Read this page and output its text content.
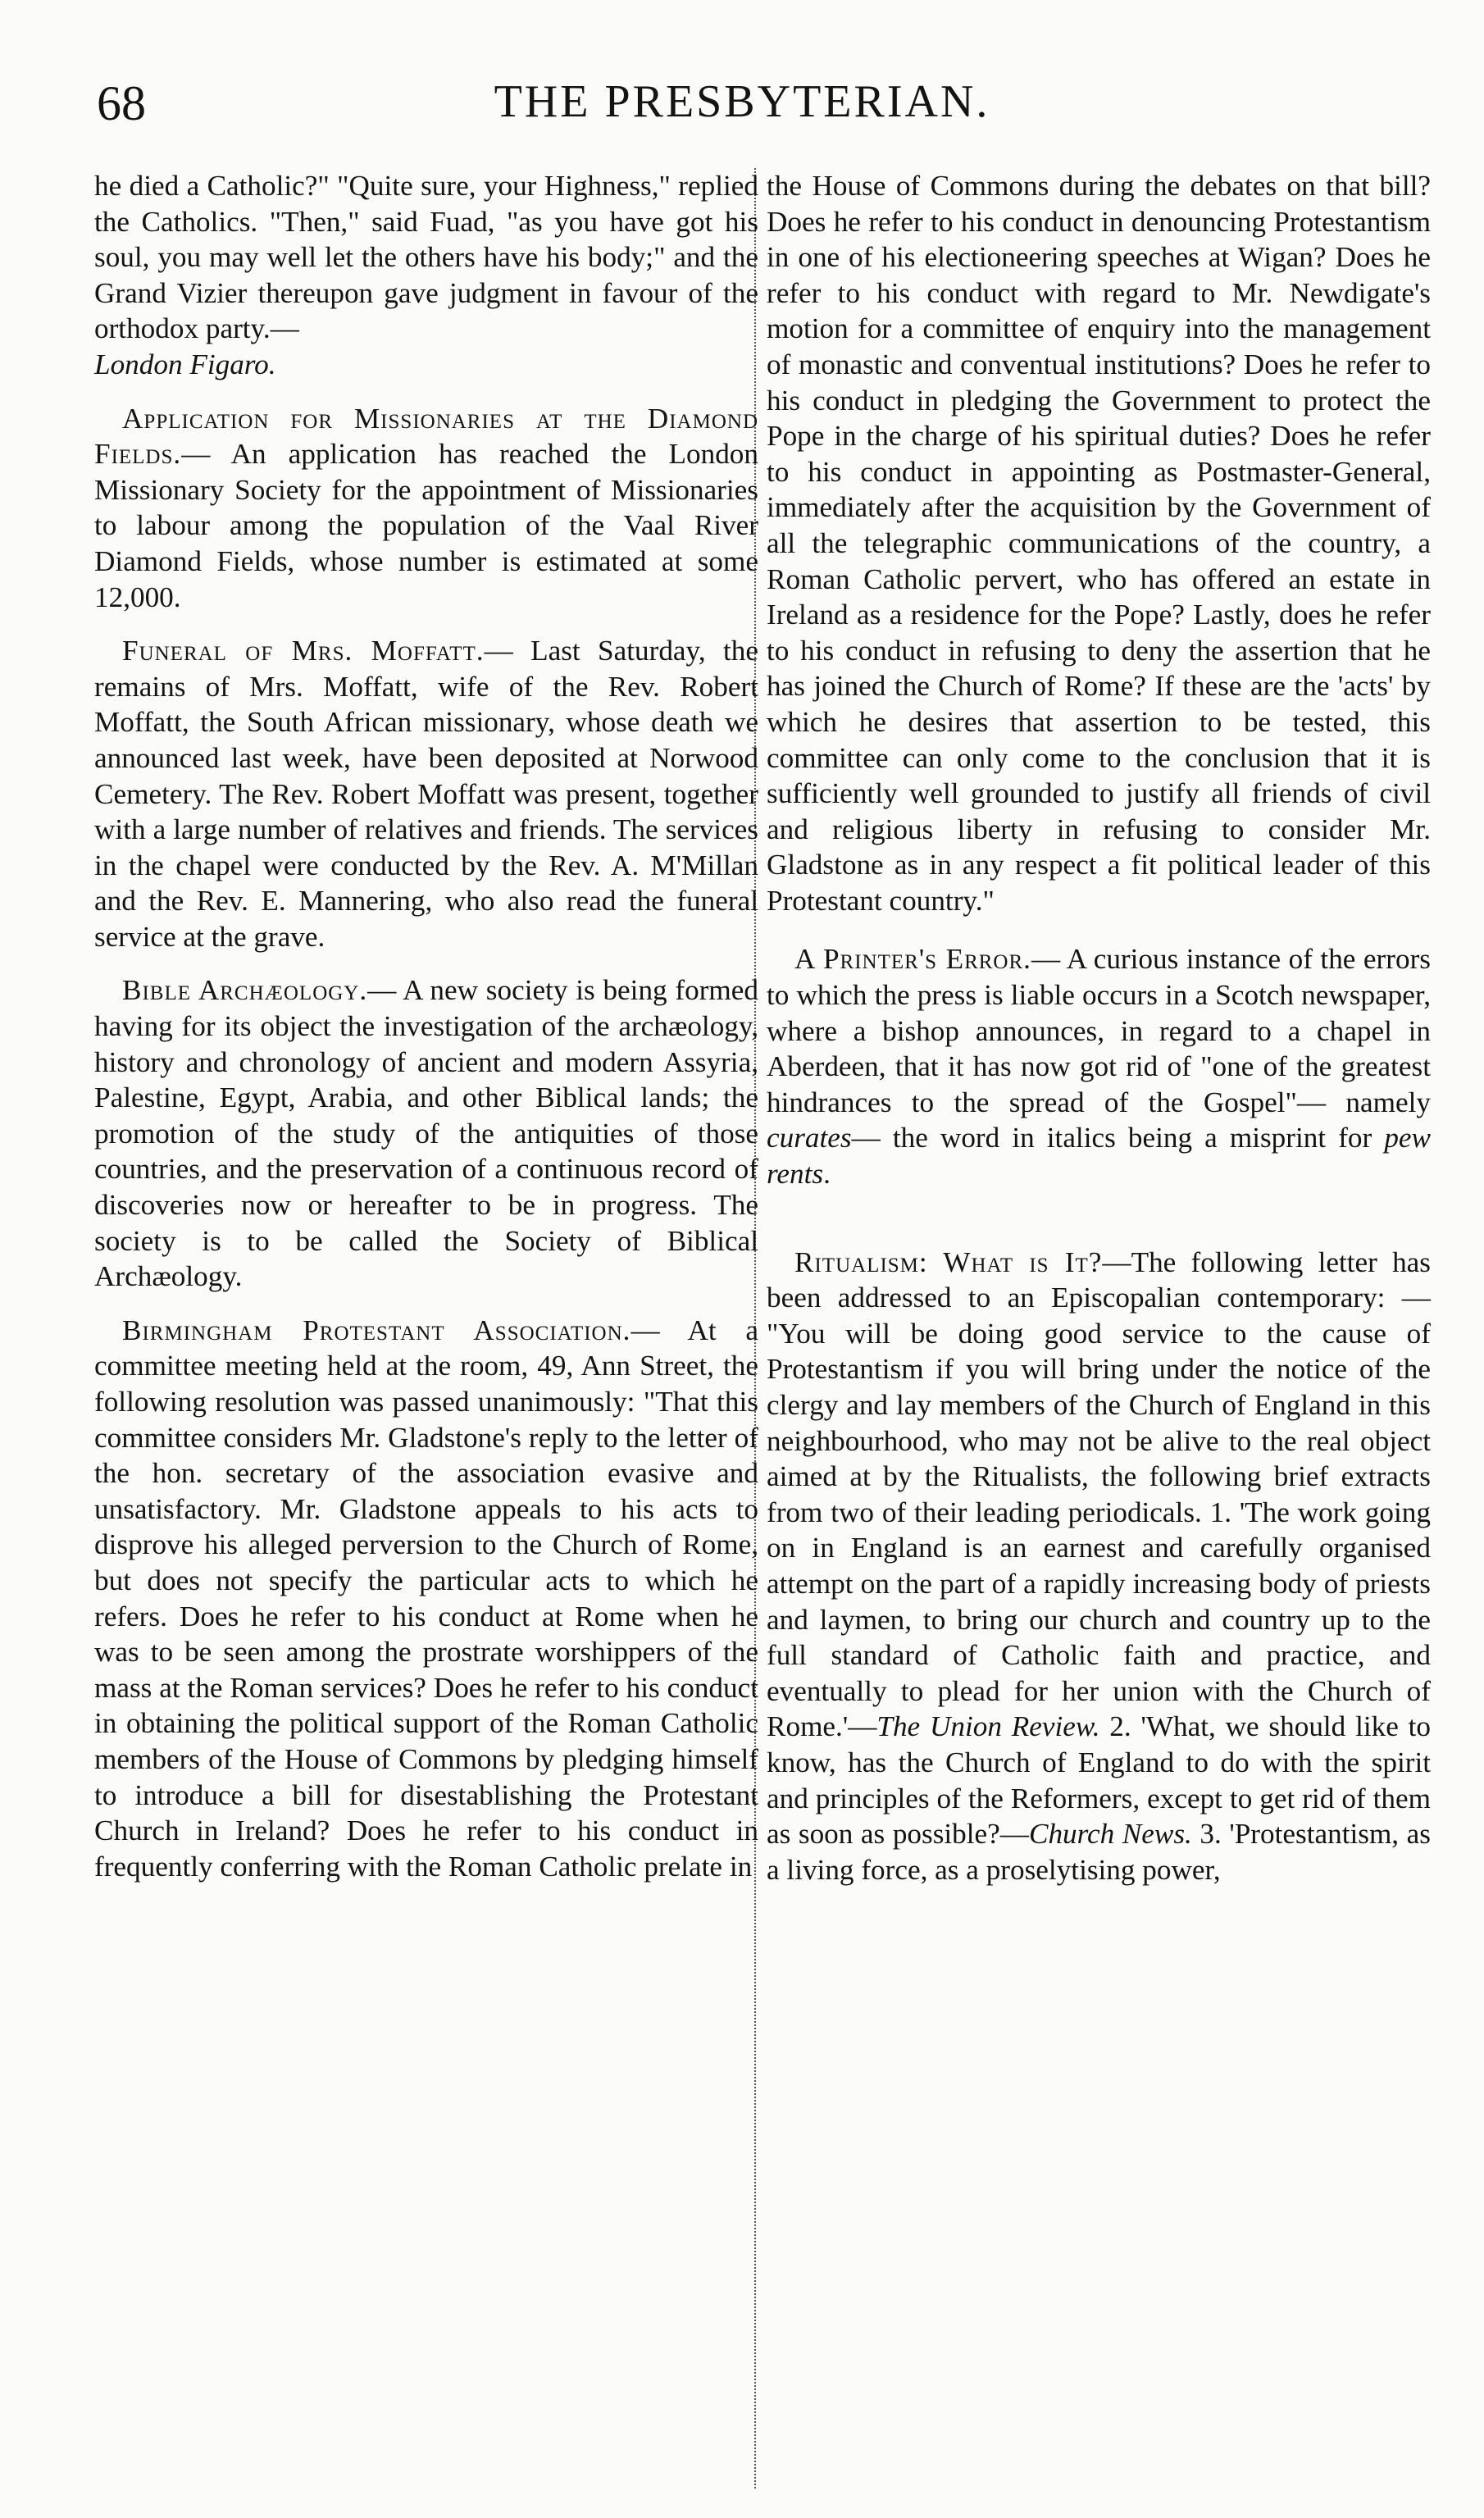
68	THE PRESBYTERIAN.

he died a Catholic?" "Quite sure, your Highness," replied the Catholics. "Then," said Fuad, "as you have got his soul, you may well let the others have his body;" and the Grand Vizier thereupon gave judgment in favour of the orthodox party.—
London Figaro.

Application for Missionaries at the Diamond Fields.— An application has reached the London Missionary Society for the appointment of Missionaries to labour among the population of the Vaal River Diamond Fields, whose number is estimated at some 12,000.

Funeral of Mrs. Moffatt.— Last Saturday, the remains of Mrs. Moffatt, wife of the Rev. Robert Moffatt, the South African missionary, whose death we announced last week, have been deposited at Norwood Cemetery. The Rev. Robert Moffatt was present, together with a large number of relatives and friends. The services in the chapel were conducted by the Rev. A. M'Millan and the Rev. E. Mannering, who also read the funeral service at the grave.

Bible Archæology.— A new society is being formed having for its object the investigation of the archæology, history and chronology of ancient and modern Assyria, Palestine, Egypt, Arabia, and other Biblical lands; the promotion of the study of the antiquities of those countries, and the preservation of a continuous record of discoveries now or hereafter to be in progress. The society is to be called the Society of Biblical Archæology.

Birmingham Protestant Association.— At a committee meeting held at the room, 49, Ann Street, the following resolution was passed unanimously: "That this committee considers Mr. Gladstone's reply to the letter of the hon. secretary of the association evasive and unsatisfactory. Mr. Gladstone appeals to his acts to disprove his alleged perversion to the Church of Rome, but does not specify the particular acts to which he refers. Does he refer to his conduct at Rome when he was to be seen among the prostrate worshippers of the mass at the Roman services? Does he refer to his conduct in obtaining the political support of the Roman Catholic members of the House of Commons by pledging himself to introduce a bill for disestablishing the Protestant Church in Ireland? Does he refer to his conduct in frequently conferring with the Roman Catholic prelate in

the House of Commons during the debates on that bill? Does he refer to his conduct in denouncing Protestantism in one of his electioneering speeches at Wigan? Does he refer to his conduct with regard to Mr. Newdigate's motion for a committee of enquiry into the management of monastic and conventual institutions? Does he refer to his conduct in pledging the Government to protect the Pope in the charge of his spiritual duties? Does he refer to his conduct in appointing as Postmaster-General, immediately after the acquisition by the Government of all the telegraphic communications of the country, a Roman Catholic pervert, who has offered an estate in Ireland as a residence for the Pope? Lastly, does he refer to his conduct in refusing to deny the assertion that he has joined the Church of Rome? If these are the 'acts' by which he desires that assertion to be tested, this committee can only come to the conclusion that it is sufficiently well grounded to justify all friends of civil and religious liberty in refusing to consider Mr. Gladstone as in any respect a fit political leader of this Protestant country."

A Printer's Error.— A curious instance of the errors to which the press is liable occurs in a Scotch newspaper, where a bishop announces, in regard to a chapel in Aberdeen, that it has now got rid of "one of the greatest hindrances to the spread of the Gospel"— namely curates— the word in italics being a misprint for pew rents.

Ritualism: What is It?—The following letter has been addressed to an Episcopalian contemporary: — "You will be doing good service to the cause of Protestantism if you will bring under the notice of the clergy and lay members of the Church of England in this neighbourhood, who may not be alive to the real object aimed at by the Ritualists, the following brief extracts from two of their leading periodicals. 1. 'The work going on in England is an earnest and carefully organised attempt on the part of a rapidly increasing body of priests and laymen, to bring our church and country up to the full standard of Catholic faith and practice, and eventually to plead for her union with the Church of Rome.'—The Union Review. 2. 'What, we should like to know, has the Church of England to do with the spirit and principles of the Reformers, except to get rid of them as soon as possible?—Church News. 3. 'Protestantism, as a living force, as a proselytising power,
